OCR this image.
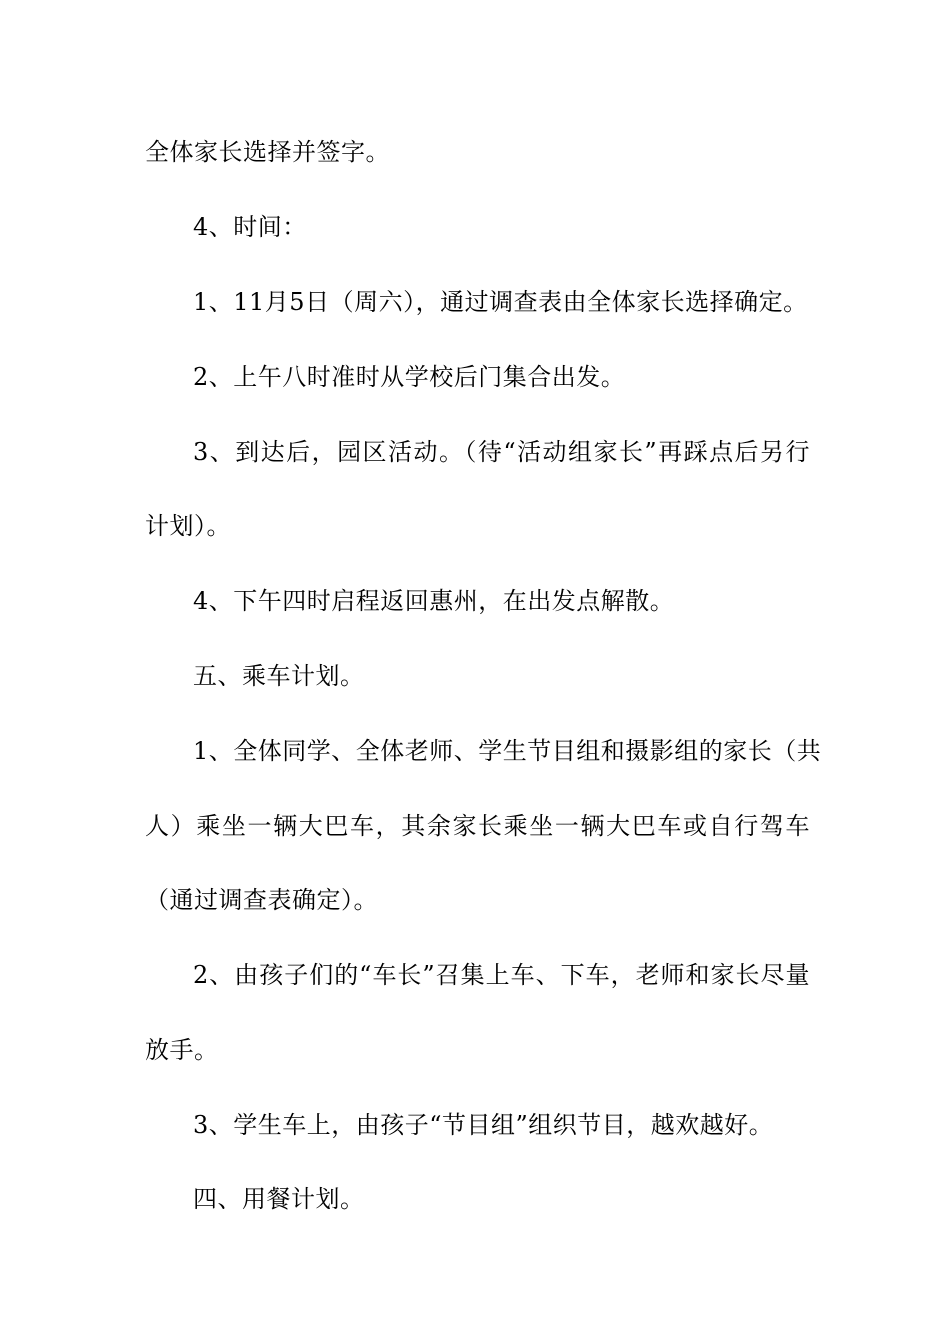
全体家长选择并签字。
4、时间：
1、11月5日（周六），通过调查表由全体家长选择确定。
2、上午八时准时从学校后门集合出发。
3、到达后，园区活动。（待“活动组家长”再踩点后另行
计划）。
4、下午四时启程返回惠州，在出发点解散。
五、乘车计划。
1、全体同学、全体老师、学生节目组和摄影组的家长（共
人）乘坐一辆大巴车，其余家长乘坐一辆大巴车或自行驾车
（通过调查表确定）。
2、由孩子们的“车长”召集上车、下车，老师和家长尽量
放手。
3、学生车上，由孩子“节目组”组织节目，越欢越好。
四、用餐计划。
